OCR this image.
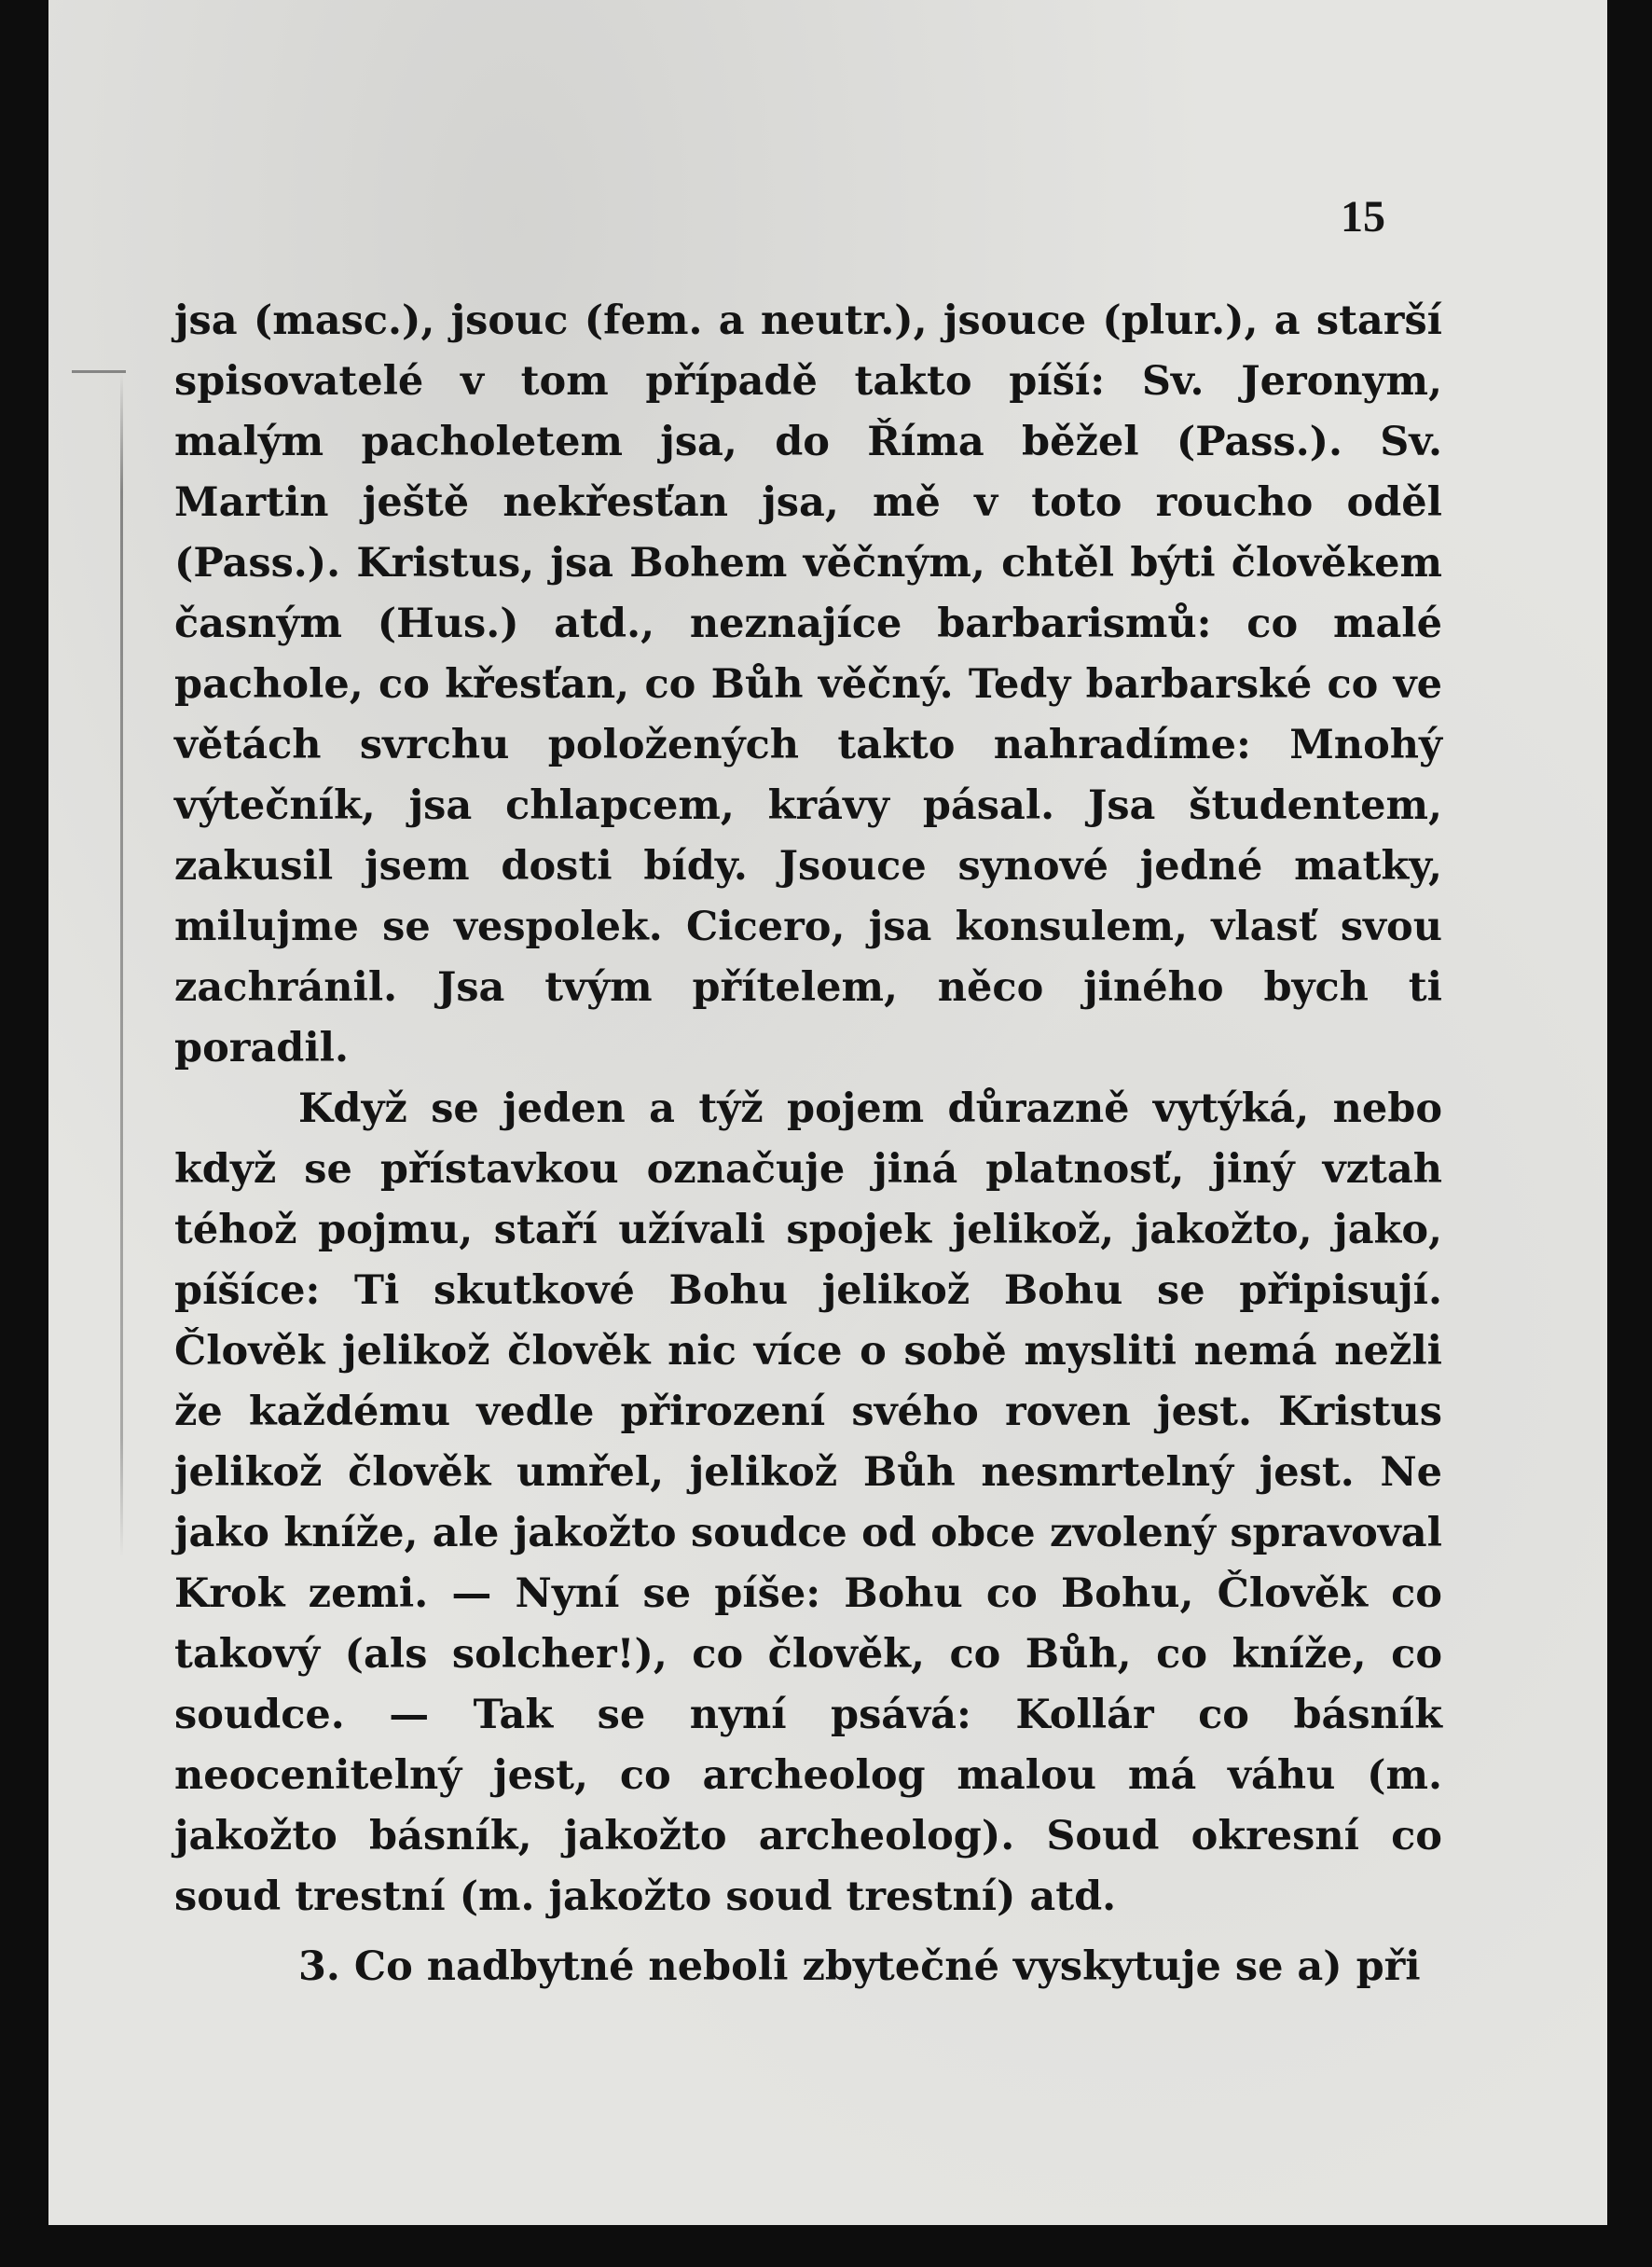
15

jsa (masc.), jsouc (fem. a neutr.), jsouce (plur.), a starší spisovatelé v tom případě takto píší: Sv. Jeronym, malým pacholetem jsa, do Říma běžel (Pass.). Sv. Martin ještě nekřesťan jsa, mě v toto roucho oděl (Pass.). Kristus, jsa Bohem věčným, chtěl býti člověkem časným (Hus.) atd., neznajíce barbarismů: co malé pachole, co křesťan, co Bůh věčný. Tedy barbarské co ve větách svrchu položených takto nahradíme: Mnohý výtečník, jsa chlapcem, krávy pásal. Jsa študentem, zakusil jsem dosti bídy. Jsouce synové jedné matky, milujme se vespolek. Cicero, jsa konsulem, vlasť svou zachránil. Jsa tvým přítelem, něco jiného bych ti poradil.

Když se jeden a týž pojem důrazně vytýká, nebo když se přístavkou označuje jiná platnosť, jiný vztah téhož pojmu, staří užívali spojek jelikož, jakožto, jako, píšíce: Ti skutkové Bohu jelikož Bohu se připisují. Člověk jelikož člověk nic více o sobě mysliti nemá nežli že každému vedle přirození svého roven jest. Kristus jelikož člověk umřel, jelikož Bůh nesmrtelný jest. Ne jako kníže, ale jakožto soudce od obce zvolený spravoval Krok zemi. — Nyní se píše: Bohu co Bohu, Člověk co takový (als solcher!), co člověk, co Bůh, co kníže, co soudce. — Tak se nyní psává: Kollár co básník neocenitelný jest, co archeolog malou má váhu (m. jakožto básník, jakožto archeolog). Soud okresní co soud trestní (m. jakožto soud trestní) atd.

3. Co nadbytné neboli zbytečné vyskytuje se a) při
